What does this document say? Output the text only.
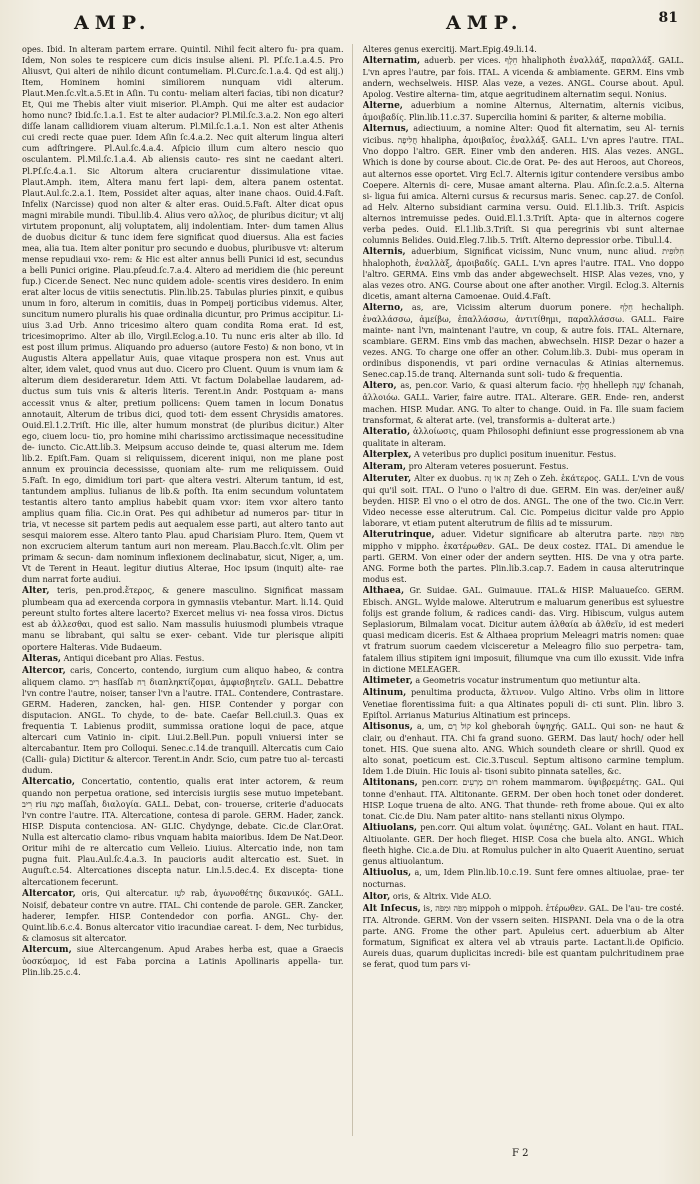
AMP.	AMP.	81

opes. Ibid. In alteram partem errare. Quintil. Nihil fecit altero fu- pra quam. Idem, Non soles te respicere cum dicis insulse alieni. Pl. Pſ.ſc.1.a.4.5. Pro Aliusvt, Qui alteri de nihilo dicunt contumeliam. Pl.Curc.ſc.1.a.4. Qd est alij.) Item, Hominem homini similiorem nunquam vidi alterum. Plaut.Men.ſc.vlt.a.5.Et in Aſin. Tu contu- meliam alteri facias, tibi non dicatur? Et, Qui me Thebis alter viuit miserior. Pl.Amph. Qui me alter est audacior homo nunc? Ibid.ſc.1.a.1. Est te alter audacior? Pl.Mil.ſc.3.a.2. Non ego alteri diſſe lanam callidiorem viuam alterum. Pl.Mil.ſc.1.a.1. Non est alter Athenis cui credi recte quae puer. Idem Aſin ſc.4.a.2. Nec quit alterum lingua alteri cum adſtringere. Pl.Aul.ſc.4.a.4. Aſpicio illum cum altero nescio quo osculantem. Pl.Mil.ſc.1.a.4. Ab aliensis cauto- res sint ne caedant alteri. Pl.Pſ.ſc.4.a.1. Sic Altorum altera cruciarentur dissimulatione vitae. Plaut.Amph. item, Altera manu fert lapi- dem, altera panem ostentat. Plaut.Aul.ſc.2.a.1. Item, Possidet alter aquas, alter inane chaos. Ouid.4.Faſt. Infelix (Narcisse) quod non alter & alter eras. Ouid.5.Faſt. Alter dicat opus magni mirabile mundi. Tibul.lib.4. Alius vero αλλος, de pluribus dicitur; vt alij virtutem proponunt, alij voluptatem, alij indolentiam. Inter- dum tamen Alius de duobus dicitur & tunc idem fere significat quod diuersus. Alia est facies mea, alia tua. Item alter ponitur pro secundo e duobus, pluribusve vt: alterum mense repudiaui vxo- rem: & Hic est alter annus belli Punici id est, secundus a belli Punici origine. Plau.pſeud.ſc.7.a.4. Altero ad meridiem die (hic pereunt fup.) Cicer.de Senect. Nec nunc quidem adole- scentis vires desidero. In enim erat alter locus de vitiis senectutis. Plin.lib.25. Tabulas pluries pinxit, e quibus unum in foro, alterum in comitiis, duas in Pompeij porticibus videmus. Alter, suncitum numero pluralis his quae ordinalia dicuntur, pro Primus accipitur. Li- uius 3.ad Urb. Anno tricesimo altero quam condita Roma erat. Id est, tricesimoprimo. Alter ab illo, Virgil.Eclog.a.10. Tu nunc eris alter ab illo. Id est post illum primus. Aliquando pro aduerso (autore Festo) & non bono, vt in Augustis Altera appellatur Auis, quae vitaque prospera non est. Vnus aut alter, idem valet, quod vnus aut duo. Cicero pro Cluent. Quum is vnum iam & alterum diem desideraretur. Idem Atti. Vt factum Dolabellae laudarem, ad- ductus sum tuis vnis & alteris literis. Terent.in Andr. Postquam a- mans accessit vnus & alter, pretium pollicens: Quem tamen in locum Donatus annotauit, Alterum de tribus dici, quod toti- dem essent Chrysidis amatores. Ouid.El.1.2.Triſt. Hic ille, alter humum monstrat (de pluribus dicitur.) Alter ego, ciuem locu- tio, pro homine mihi charissimo arctissimaque necessitudine de- iuncto. Cic.Att.lib.3. Meipsum accuso deinde te, quasi alterum me. Idem lib.2. Epiſt.Fam. Quam si reliquissem, dicerent iniqui, non me plane post annum ex prouincia decessisse, quoniam alte- rum me reliquissem. Ouid 5.Faſt. In ego, dimidium tori part- que altera vestri. Alterum tantum, id est, tantundem amplius. Iulianus de lib.& poſth. Ita enim secundum voluntatem testantis altero tanto amplius habebit quam vxor: item vxor altero tanto amplius quam filia. Cic.in Orat. Pes qui adhibetur ad numeros par- titur in tria, vt necesse sit partem pedis aut aequalem esse parti, aut altero tanto aut sesqui maiorem esse. Altero tanto Plau. apud Charisiam Pluro. Item, Quem vt non excruciem alterum tantum auri non meream. Plau.Bacch.ſc.vlt. Olim per primam & secun- dam nominum inflexionem declinabatur, sicut, Niger, a, um. Vt de Terent in Heaut. legitur diutius Alterae, Hoc ipsum (inquit) alte- rae dum narrat forte audiui.

Alter, teris, pen.prod.ἕτερος, & genere masculino. Significat massam plumbeam qua ad exercenda corpora in gymnasiis vtebantur. Mart. li.14. Quid pereunt stulto fortes altere lacerto? Exercet melius vi- nea fossa viros. Dictus est ab ἀλλεσθαι, quod est salio. Nam massulis huiusmodi plumbeis vtraque manu se librabant, qui saltu se exer- cebant. Vide tur plerisque alipiti oportere Halteras. Vide Budaeum.

Alteras, Antiqui dicebant pro Alias. Festus.

Altercor, caris, Concerto, contendo, iurgium cum aliquo habeo, & contra aliquem clamo. רִיב hasſſab רַח διαπληκτίζομαι, ἀμφισβητεῖν. GALL. Debattre l'vn contre l'autre, noiser, tanser l'vn a l'autre. ITAL. Contendere, Contrastare. GERM. Haderen, zancken, hal- gen. HISP. Contender y porgar con disputacion. ANGL. To chyde, to de- bate. Caeſar Bell.ciuil.3. Quas ex frequentia T. Labienus prodiit, summissa oratione loqui de pace, atque altercari cum Vatinio in- cipit. Liui.2.Bell.Pun. populi vniuersi inter se altercabantur. Item pro Colloqui. Senec.c.14.de tranquill. Altercatis cum Caio (Calli- gula) Dictitur & altercor. Terent.in Andr. Scio, cum patre tuo al- tercasti dudum.

Altercatio, Concertatio, contentio, qualis erat inter actorem, & reum quando non perpetua oratione, sed intercisis iurgiis sese mutuo impetebant. רִיב riu מַצָּה maſſah, διαλογία. GALL. Debat, con- trouerse, criterie d'aduocats l'vn contre l'autre. ITA. Altercatione, contesa di parole. GERM. Hader, zanck. HISP. Disputa contenciosa. AN- GLIC. Chydynge, debate. Cic.de Clar.Orat. Nulla est altercatio clamo- ribus vnquam habita maioribus. Idem De Nat.Deor. Oritur mihi de re altercatio cum Velleio. Liuius. Altercatio inde, non tam pugna fuit. Plau.Aul.ſc.4.a.3. In paucioris audit altercatio est. Suet. in Auguſt.c.54. Altercationes discepta natur. Lin.l.5.dec.4. Ex discepta- tione altercationem fecerunt.

Altercator, oris, Qui altercatur. לֹעֵז rab, ἀγωνοθέτης δικανικός. GALL. Noisif, debateur contre vn autre. ITAL. Chi contende de parole. GER. Zancker, haderer, Iempfer. HISP. Contendedor con porfia. ANGL. Chy- der. Quint.lib.6.c.4. Bonus altercator vitio iracundiae careat. I- dem, Nec turbidus, & clamosus sit altercator.

Altercum, siue Altercangenum. Apud Arabes herba est, quae a Graecis ὑοσκύαμος, id est Faba porcina a Latinis Apollinaris appella- tur. Plin.lib.25.c.4.

Alteres genus exercitij. Mart.Epig.49.li.14.

Alternatim, aduerb. per vices. חֵלֶף hhaliphoth ἐναλλάξ, παραλλάξ. GALL. L'vn apres l'autre, par fois. ITAL. A vicenda & ambiamente. GERM. Eins vmb andern, wechselweis. HISP. Alas veze, a vezes. ANGL. Course about. Apul. Apolog. Vestire alterna- tim, atque aegritudinem alternatim sequi. Nonius.

Alterne, aduerbium a nomine Alternus, Alternatim, alternis vicibus, ἀμοιβαδίς. Plin.lib.11.c.37. Supercilia homini & pariter, & alterne mobilia.

Alternus, adiectiuum, a nomine Alter: Quod fit alternatim, seu Al- ternis vicibus. חֲלִיפָה hhalipha, ἀμοιβαῖος, ἐναλλάξ. GALL. L'vn apres l'autre. ITAL. Vno doppo l'altro. GER. Einer vmb den anderen. HIS. Alas vezes. ANGL. Which is done by course about. Cic.de Orat. Pe- des aut Heroos, aut Choreos, aut alternos esse oportet. Virg Ecl.7. Alternis igitur contendere versibus ambo Coepere. Alternis di- cere, Musae amant alterna. Plau. Aſin.ſc.2.a.5. Alterna si- ligua fui amica. Alterni cursus & recursus maris. Senec. cap.27. de Conſol. ad Helv. Alterno subsidiant carmina versu. Ouid. El.1.lib.3. Triſt. Aspicis alternos intremuisse pedes. Ouid.El.1.3.Triſt. Apta- que in alternos cogere verba pedes. Ouid. El.1.lib.3.Triſt. Si qua peregrinis vbi sunt alternae columnis Belides. Ouid.Eleg.7.lib.5. Triſt. Alterno depressior orbe. Tibul.l.4.

Alternis, aduerbium, Significat vicissim, Nunc vnum, nunc aliud. חִלּוּפִית hhalophoth, ἐναλλὰξ, ἀμοιβαδίς. GALL. L'vn apres l'autre. ITAL. Vno doppo l'altro. GERMA. Eins vmb das ander abgewechselt. HISP. Alas vezes, vno, y alas vezes otro. ANG. Course about one after another. Virgil. Eclog.3. Alternis dicetis, amant alterna Camoenae. Ouid.4.Faſt.

Alterno, as, are, Vicissim alterum duorum ponere. חֵלֶף hechaliph. ἐναλλάσσω, ἀμείβω, ἐπαλλάσσω, ἀντιτίθημι, παραλλάσσω. GALL. Faire mainte- nant l'vn, maintenant l'autre, vn coup, & autre fois. ITAL. Alternare, scambiare. GERM. Eins vmb das machen, abwechseln. HISP. Dezar o hazer a vezes. ANG. To charge one offer an other. Colum.lib.3. Dubi- mus operam in ordinibus disponendis, vt pari ordine vernaculas & Atinias alternemus. Senec.cap.15.de tranq. Alternanda sunt soli- tudo & frequentia.

Altero, as, pen.cor. Vario, & quasi alterum facio. חֲלֵף hhelleph שָׁנָה ſchanah, ἀλλοιόω. GALL. Varier, faire autre. ITAL. Alterare. GER. Ende- ren, anderst machen. HISP. Mudar. ANG. To alter to change. Ouid. in Fa. Ille suam faciem transformat, & alterat arte. (vel, transformis a- dulterat arte.)

Alteratio, ἀλλοίωσις, quam Philosophi definiunt esse progressionem ab vna qualitate in alteram.

Alterplex, A veteribus pro duplici positum inuenitur. Festus.

Alteram, pro Alteram veteres posuerunt. Festus.

Alteruter, Alter ex duobus. זֶה אוֹ זֶה Zeh o Zeh. ἑκάτερος. GALL. L'vn de vous qui qu'il soit. ITAL. O l'uno o l'altro di due. GERM. Ein was. der/einer auß/ beyden. HISP. El vno o el otro de dos. ANGL. The one of the two. Cic.in Verr. Video necesse esse alterutrum. Cal. Cic. Pompeius dicitur valde pro Appio laborare, vt etiam putent alterutrum de filiis ad te missurum.

Alterutrinque, aduer. Videtur significare ab alterutra parte. מִפֹּה וּמִפֹּה mippho v mippho. ἑκατέρωθεν. GAL. De deux costez. ITAL. Di amendue le parti. GERM. Von einer oder der andern seytten. HIS. De vna y otra parte. ANG. Forme both the partes. Plin.lib.3.cap.7. Eadem in causa alterutrinque modus est.

Althaea, Gr. Suidae. GAL. Guimauue. ITAL.& HISP. Maluaueſco. GERM. Ebisch. ANGL. Wylde malowe. Alterutrum e maluarum generibus est syluestre folijs est grande folium, & radices candi- das. Virg. Hibiscum, vulgus autem Seplasiorum, Bilmalam vocat. Dicitur autem ἀλθαία ab ἀλθεῖν, id est mederi quasi medicam diceris. Est & Althaea proprium Meleagri matris nomen: quae vt fratrum suorum caedem vlcisceretur a Meleagro filio suo perpetra- tam, fatalem illius stipitem igni imposuit, filiumque vna cum illo exussit. Vide infra in dictione MELEAGER.

Altimeter, a Geometris vocatur instrumentum quo metiuntur alta.

Altinum, penultima producta, ἄλτινον. Vulgo Altino. Vrbs olim in littore Venetiae florentissima fuit: a qua Altinates populi di- cti sunt. Plin. libro 3. Epiſtol. Arrianus Maturius Altinatium est princeps.

Altisonus, a, um, קוֹל רָם kol gheborah ὑψηχής. GALL. Qui son- ne haut & clair, ou d'enhaut. ITA. Chi fa grand suono. GERM. Das laut/ hoch/ oder hell tonet. HIS. Que suena alto. ANG. Which soundeth cleare or shrill. Quod ex alto sonat, poeticum est. Cic.3.Tuscul. Septum altisono carmine templum. Idem 1.de Diuin. Hic Iouis al- tisoni subito pinnata satelles, &c.

Altitonans, pen.corr. רוּם מַרְעִים rohem mammarom. ὑψιβρεμέτης. GAL. Qui tonne d'enhaut. ITA. Altitonante. GERM. Der oben hoch tonet oder donderet. HISP. Loque truena de alto. ANG. That thunde- reth frome aboue. Qui ex alto tonat. Cic.de Diu. Nam pater altito- nans stellanti nixus Olympo.

Altiuolans, pen.corr. Qui altum volat. ὑψιπέτης. GAL. Volant en haut. ITAL. Altiuolante. GER. Der hoch flieget. HISP. Cosa che buela alto. ANGL. Which fleeth highe. Cic.a.de Diu. at Romulus pulcher in alto Quaerit Auentino, seruat genus altiuolantum.

Altiuolus, a, um, Idem Plin.lib.10.c.19. Sunt fere omnes altiuolae, prae- ter nocturnas.

Altor, oris, & Altrix. Vide ALO.

Alt Inſecus, is, מִפֹּה וּמִפֹּה mippoh o mippoh. ἑτέρωθεν. GAL. De l'au- tre costé. ITA. Altronde. GERM. Von der vssern seiten. HISPANI. Dela vna o de la otra parte. ANG. Frome the other part. Apuleius cert. aduerbium ab Alter formatum, Significat ex altera vel ab vtrauis parte. Lactant.li.de Opificio. Aureis duas, quarum duplicitas incredi- bile est quantam pulchritudinem prae se ferat, quod tum pars vi-

F 2
